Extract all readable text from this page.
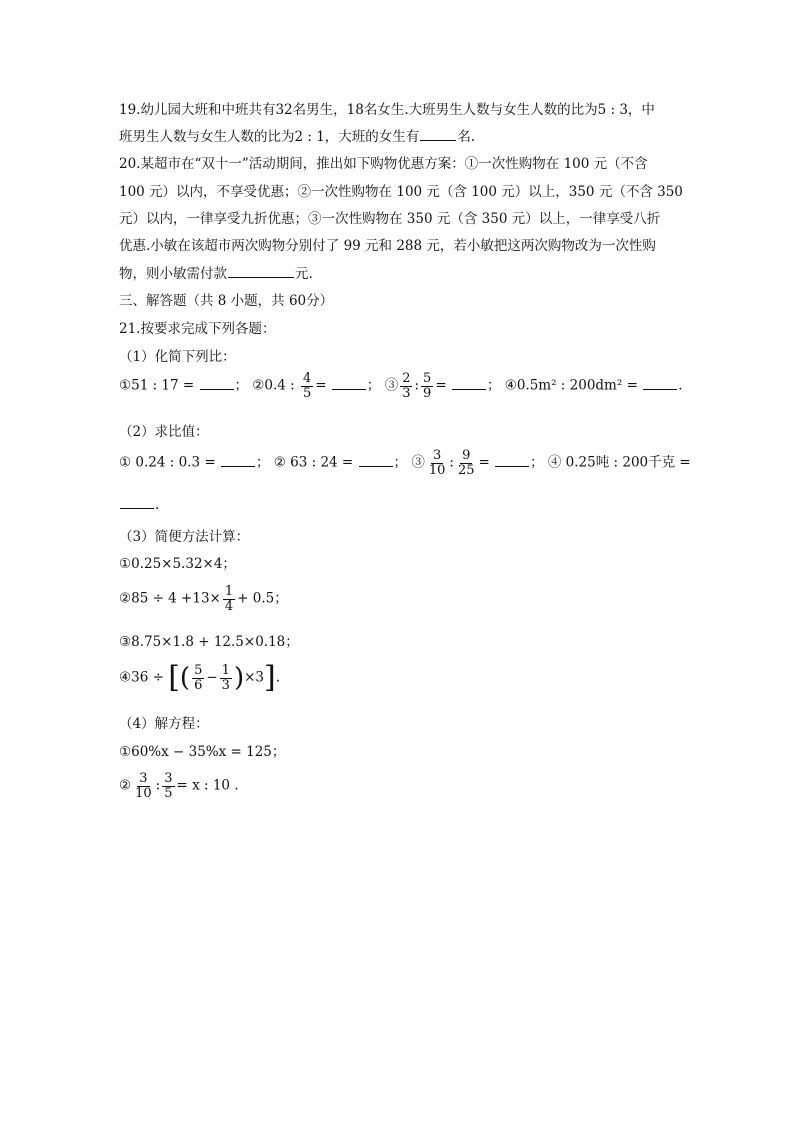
19.幼儿园大班和中班共有32名男生，18名女生.大班男生人数与女生人数的比为5 : 3，中
班男生人数与女生人数的比为2 : 1，大班的女生有	名.
20.某超市在“双十一”活动期间，推出如下购物优惠方案：①一次性购物在 100 元（不含
100 元）以内，不享受优惠；②一次性购物在 100 元（含 100 元）以上，350 元（不含 350
元）以内，一律享受九折优惠；③一次性购物在 350 元（含 350 元）以上，一律享受八折
优惠.小敏在该超市两次购物分别付了 99 元和 288 元，若小敏把这两次购物改为一次性购
物，则小敏需付款	元.
三、解答题（共 8 小题，共 60分）
21.按要求完成下列各题：
（1）化简下列比：
①51 : 17 =	； ②0.4 : $\frac{4}{5}$ =	； ③ $\frac{2}{3}$ : $\frac{5}{9}$ =	； ④0.5m² : 200dm² =	.
（2）求比值：
① 0.24 : 0.3 =	； ② 63 : 24 =	； ③ $\frac{3}{10}$ : $\frac{9}{25}$ =	； ④ 0.25吨 : 200千克 =
.
（3）简便方法计算：
①0.25×5.32×4；
②85 ÷ $4 +13\times \frac{1}{4} + 0.5$；
③8.75×1.8 + 12.5×0.18；
④36 ÷ [( $\frac{5}{6} - \frac{1}{3} )\times 3$].
（4）解方程：
①60%x − 35%x = 125；
② $\frac{3}{10}$ : $\frac{3}{5} = x$ : 10 .
